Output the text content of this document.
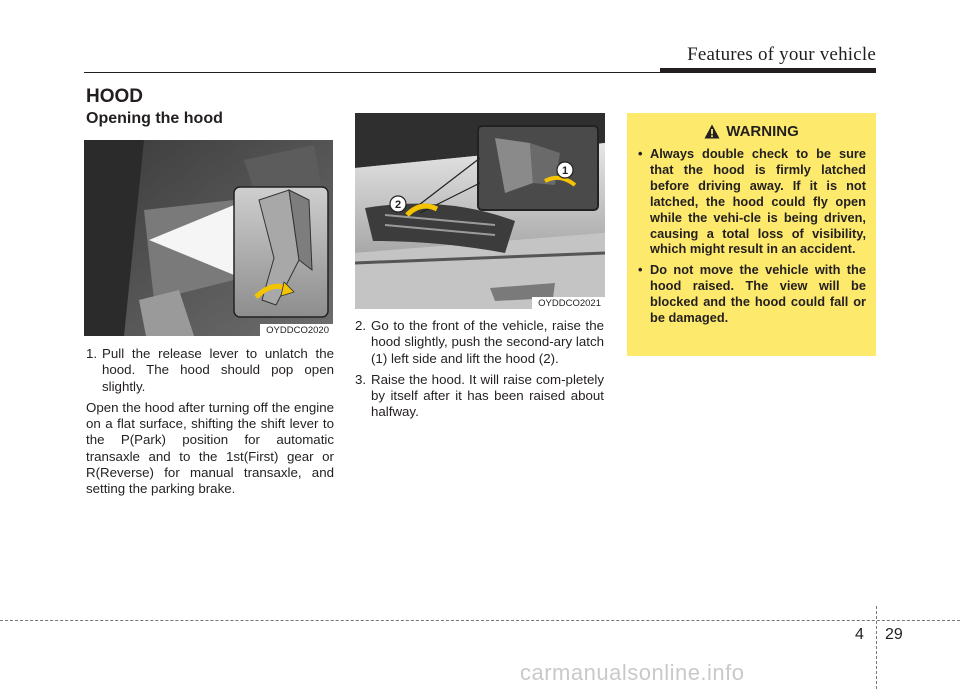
Features of your vehicle
HOOD
Opening the hood
OYDDCO2020
1. Pull the release lever to unlatch the hood. The hood should pop open slightly.
Open the hood after turning off the engine on a flat surface, shifting the shift lever to the P(Park) position for automatic transaxle and to the 1st(First) gear or R(Reverse) for manual transaxle, and setting the parking brake.
1
2
OYDDCO2021
2. Go to the front of the vehicle, raise the hood slightly, push the second-ary latch (1) left side and lift the hood (2).
3. Raise the hood. It will raise com-pletely by itself after it has been raised about halfway.
WARNING
• Always double check to be sure that the hood is firmly latched before driving away. If it is not latched, the hood could fly open while the vehi-cle is being driven, causing a total loss of visibility, which might result in an accident.
• Do not move the vehicle with the hood raised. The view will be blocked and the hood could fall or be damaged.
4 29
carmanualsonline.info
